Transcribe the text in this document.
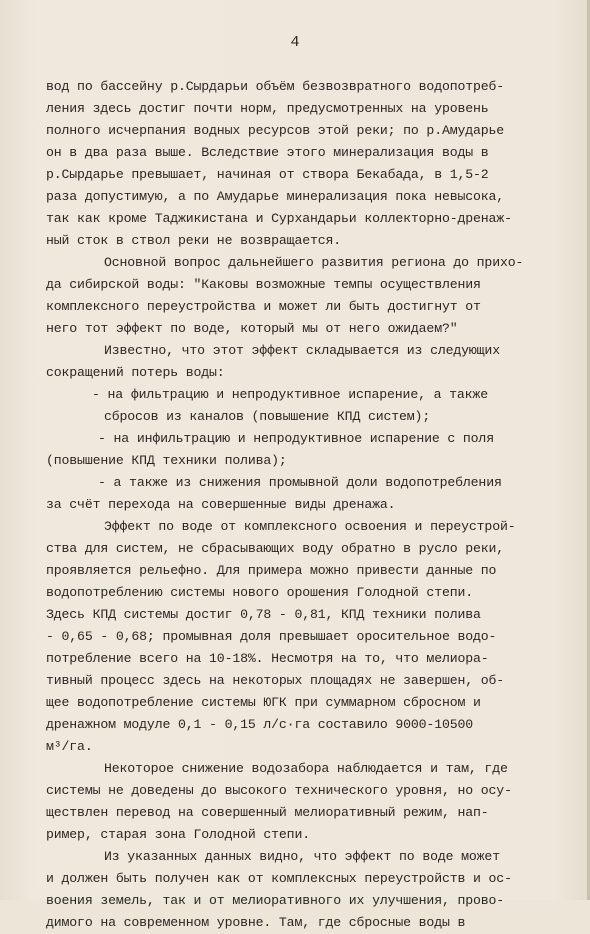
4
вод по бассейну р.Сырдарьи объём безвозвратного водопотреб-
ления здесь достиг почти норм, предусмотренных на уровень
полного исчерпания водных ресурсов этой реки; по р.Амударье
он в два раза выше. Вследствие этого минерализация воды в
р.Сырдарье превышает, начиная от створа Бекабада, в 1,5-2
раза допустимую, а по Амударье минерализация пока невысока,
так как кроме Таджикистана и Сурхандарьи коллекторно-дренаж-
ный сток в ствол реки не возвращается.
Основной вопрос дальнейшего развития региона до прихо-
да сибирской воды: "Каковы возможные темпы осуществления
комплексного переустройства и может ли быть достигнут от
него тот эффект по воде, который мы от него ожидаем?"
Известно, что этот эффект складывается из следующих
сокращений потерь воды:
- на фильтрацию и непродуктивное испарение, а также
сбросов из каналов (повышение КПД систем);
- на инфильтрацию и непродуктивное испарение с поля
(повышение КПД техники полива);
- а также из снижения промывной доли водопотребления
за счёт перехода на совершенные виды дренажа.
Эффект по воде от комплексного освоения и переустрой-
ства для систем, не сбрасывающих воду обратно в русло реки,
проявляется рельефно. Для примера можно привести данные по
водопотреблению системы нового орошения Голодной степи.
Здесь КПД системы достиг 0,78 - 0,81, КПД техники полива
- 0,65 - 0,68; промывная доля превышает оросительное водо-
потребление всего на 10-18%. Несмотря на то, что мелиора-
тивный процесс здесь на некоторых площадях не завершен, об-
щее водопотребление системы ЮГК при суммарном сбросном и
дренажном модуле 0,1 - 0,15 л/с·га составило 9000-10500
м³/га.
Некоторое снижение водозабора наблюдается и там, где
системы не доведены до высокого технического уровня, но осу-
ществлен перевод на совершенный мелиоративный режим, нап-
ример, старая зона Голодной степи.
Из указанных данных видно, что эффект по воде может
и должен быть получен как от комплексных переустройств и ос-
воения земель, так и от мелиоративного их улучшения, прово-
димого на современном уровне. Там, где сбросные воды в
